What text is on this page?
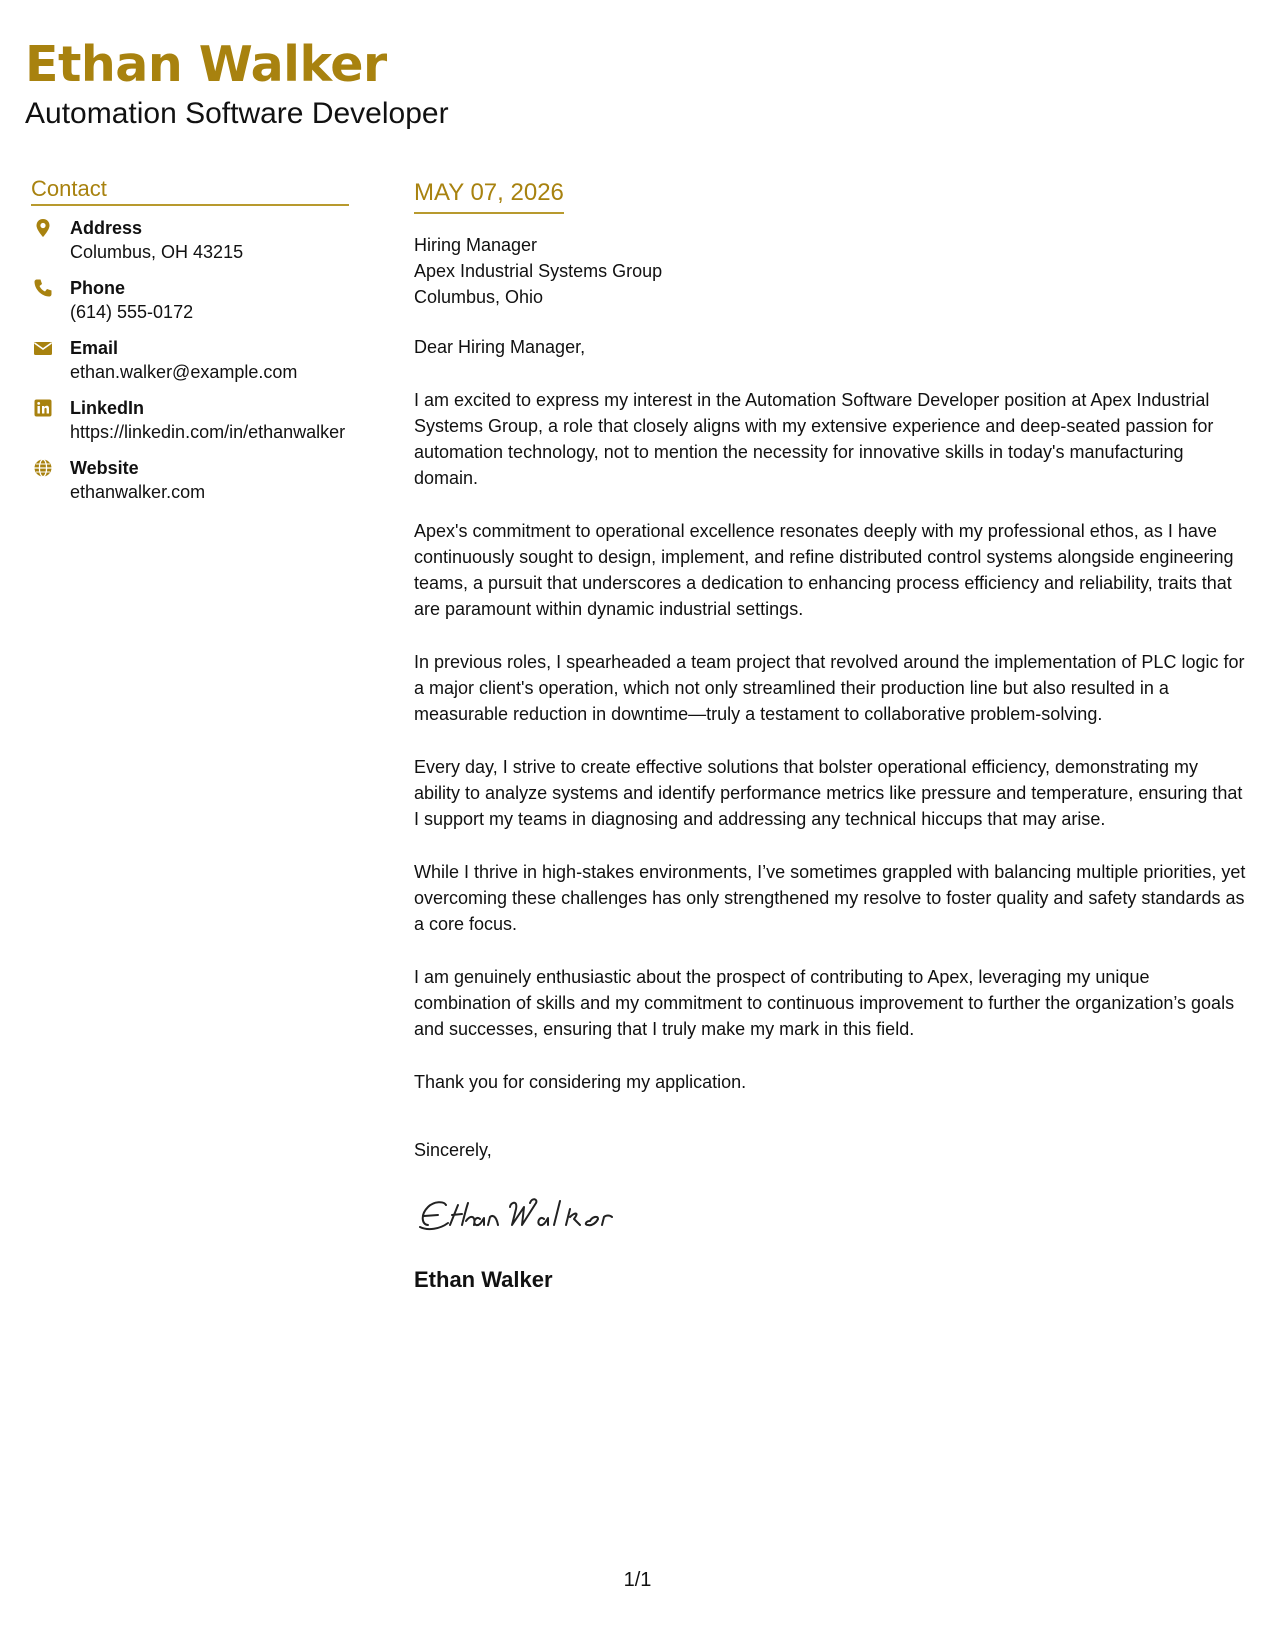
Ethan Walker
Automation Software Developer
Contact
Address
Columbus, OH 43215
Phone
(614) 555-0172
Email
ethan.walker@example.com
LinkedIn
https://linkedin.com/in/ethanwalker
Website
ethanwalker.com
MAY 07, 2026
Hiring Manager
Apex Industrial Systems Group
Columbus, Ohio

Dear Hiring Manager,

I am excited to express my interest in the Automation Software Developer position at Apex Industrial Systems Group, a role that closely aligns with my extensive experience and deep-seated passion for automation technology, not to mention the necessity for innovative skills in today's manufacturing domain.

Apex's commitment to operational excellence resonates deeply with my professional ethos, as I have continuously sought to design, implement, and refine distributed control systems alongside engineering teams, a pursuit that underscores a dedication to enhancing process efficiency and reliability, traits that are paramount within dynamic industrial settings.

In previous roles, I spearheaded a team project that revolved around the implementation of PLC logic for a major client's operation, which not only streamlined their production line but also resulted in a measurable reduction in downtime—truly a testament to collaborative problem-solving.

Every day, I strive to create effective solutions that bolster operational efficiency, demonstrating my ability to analyze systems and identify performance metrics like pressure and temperature, ensuring that I support my teams in diagnosing and addressing any technical hiccups that may arise.

While I thrive in high-stakes environments, I’ve sometimes grappled with balancing multiple priorities, yet overcoming these challenges has only strengthened my resolve to foster quality and safety standards as a core focus.

I am genuinely enthusiastic about the prospect of contributing to Apex, leveraging my unique combination of skills and my commitment to continuous improvement to further the organization’s goals and successes, ensuring that I truly make my mark in this field.

Thank you for considering my application.

Sincerely,
Ethan Walker
1/1
